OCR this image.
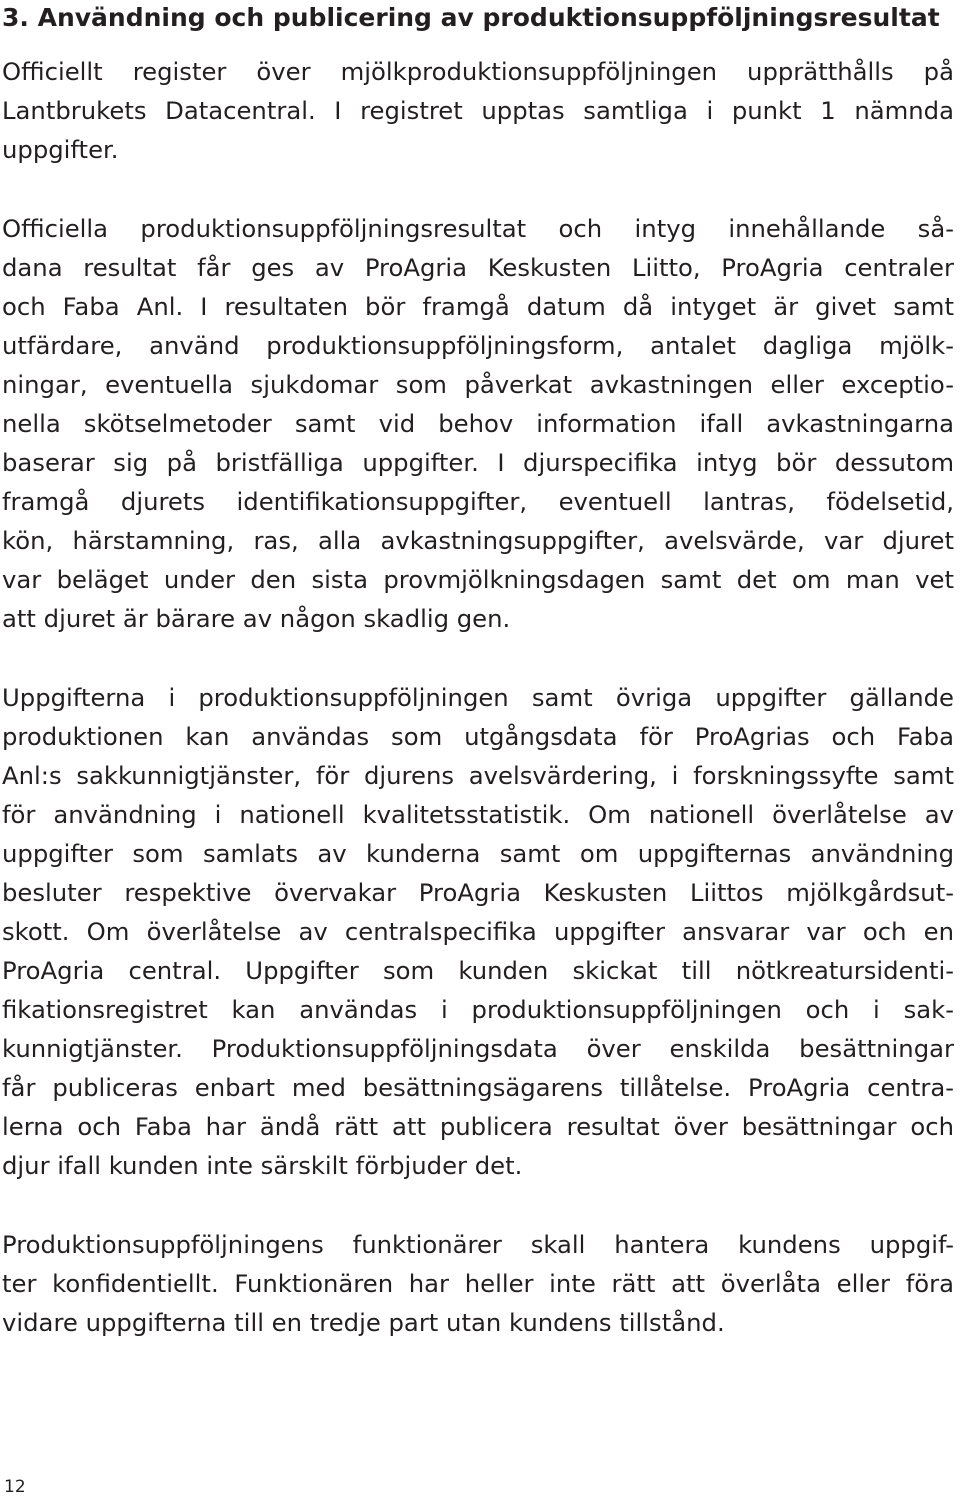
3. Användning och publicering av produktionsuppföljningsresultat
Officiellt register över mjölkproduktionsuppföljningen upprätthålls på
Lantbrukets Datacentral. I registret upptas samtliga i punkt 1 nämnda
uppgifter.
Officiella produktionsuppföljningsresultat och intyg innehållande så-
dana resultat får ges av ProAgria Keskusten Liitto, ProAgria centraler
och Faba Anl. I resultaten bör framgå datum då intyget är givet samt
utfärdare, använd produktionsuppföljningsform, antalet dagliga mjölk-
ningar, eventuella sjukdomar som påverkat avkastningen eller exceptio-
nella skötselmetoder samt vid behov information ifall avkastningarna
baserar sig på bristfälliga uppgifter. I djurspecifika intyg bör dessutom
framgå djurets identifikationsuppgifter, eventuell lantras, födelsetid,
kön, härstamning, ras, alla avkastningsuppgifter, avelsvärde, var djuret
var beläget under den sista provmjölkningsdagen samt det om man vet
att djuret är bärare av någon skadlig gen.
Uppgifterna i produktionsuppföljningen samt övriga uppgifter gällande
produktionen kan användas som utgångsdata för ProAgrias och Faba
Anl:s sakkunnigtjänster, för djurens avelsvärdering, i forskningssyfte samt
för användning i nationell kvalitetsstatistik. Om nationell överlåtelse av
uppgifter som samlats av kunderna samt om uppgifternas användning
besluter respektive övervakar ProAgria Keskusten Liittos mjölkgårdsut-
skott. Om överlåtelse av centralspecifika uppgifter ansvarar var och en
ProAgria central. Uppgifter som kunden skickat till nötkreatursidenti-
fikationsregistret kan användas i produktionsuppföljningen och i sak-
kunnigtjänster. Produktionsuppföljningsdata över enskilda besättningar
får publiceras enbart med besättningsägarens tillåtelse. ProAgria centra-
lerna och Faba har ändå rätt att publicera resultat över besättningar och
djur ifall kunden inte särskilt förbjuder det.
Produktionsuppföljningens funktionärer skall hantera kundens uppgif-
ter konfidentiellt. Funktionären har heller inte rätt att överlåta eller föra
vidare uppgifterna till en tredje part utan kundens tillstånd.
12
